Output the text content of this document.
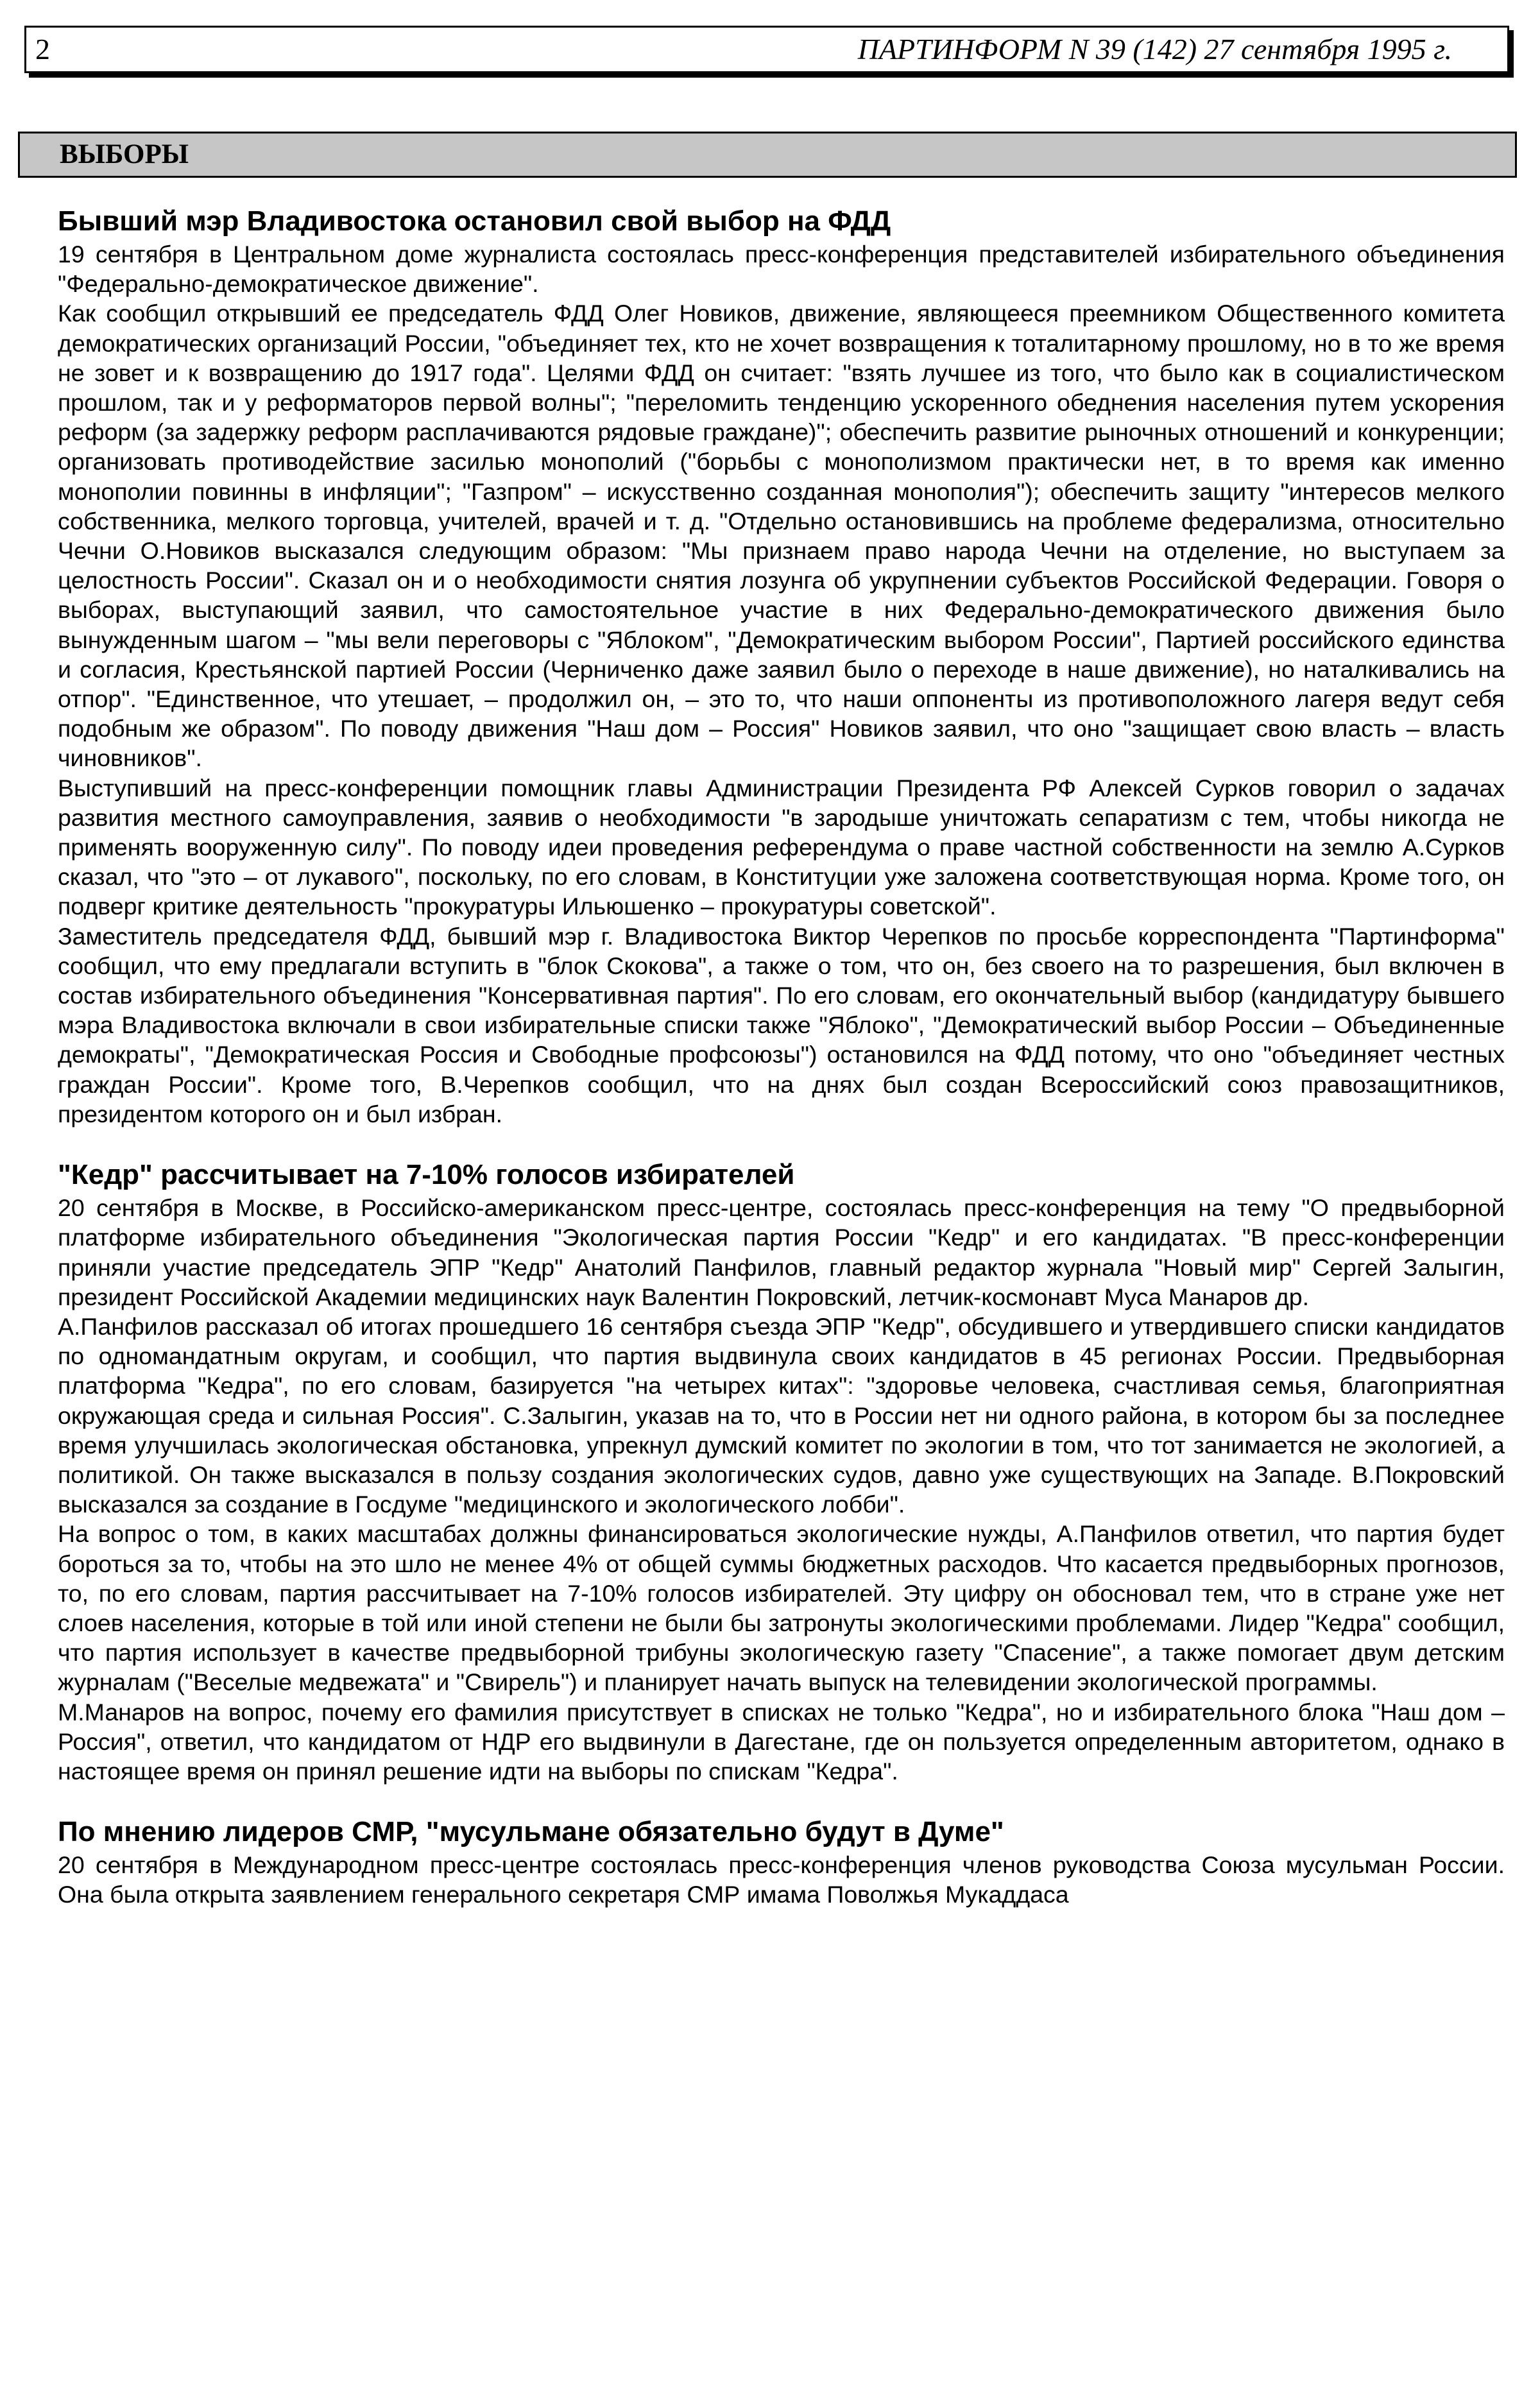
2	ПАРТИНФОРМ N 39 (142) 27 сентября 1995 г.
ВЫБОРЫ
Бывший мэр Владивостока остановил свой выбор на ФДД

19 сентября в Центральном доме журналиста состоялась пресс-конференция представителей избирательного объединения "Федерально-демократическое движение".

Как сообщил открывший ее председатель ФДД Олег Новиков, движение, являющееся преемником Общественного комитета демократических организаций России, "объединяет тех, кто не хочет возвращения к тоталитарному прошлому, но в то же время не зовет и к возвращению до 1917 года". Целями ФДД он считает: "взять лучшее из того, что было как в социалистическом прошлом, так и у реформаторов первой волны"; "переломить тенденцию ускоренного обеднения населения путем ускорения реформ (за задержку реформ расплачиваются рядовые граждане)"; обеспечить развитие рыночных отношений и конкуренции; организовать противодействие засилью монополий ("борьбы с монополизмом практически нет, в то время как именно монополии повинны в инфляции"; "Газпром" – искусственно созданная монополия"); обеспечить защиту "интересов мелкого собственника, мелкого торговца, учителей, врачей и т. д. "Отдельно остановившись на проблеме федерализма, относительно Чечни О.Новиков высказался следующим образом: "Мы признаем право народа Чечни на отделение, но выступаем за целостность России". Сказал он и о необходимости снятия лозунга об укрупнении субъектов Российской Федерации. Говоря о выборах, выступающий заявил, что самостоятельное участие в них Федерально-демократического движения было вынужденным шагом – "мы вели переговоры с "Яблоком", "Демократическим выбором России", Партией российского единства и согласия, Крестьянской партией России (Черниченко даже заявил было о переходе в наше движение), но наталкивались на отпор". "Единственное, что утешает, – продолжил он, – это то, что наши оппоненты из противоположного лагеря ведут себя подобным же образом". По поводу движения "Наш дом – Россия" Новиков заявил, что оно "защищает свою власть – власть чиновников".

Выступивший на пресс-конференции помощник главы Администрации Президента РФ Алексей Сурков говорил о задачах развития местного самоуправления, заявив о необходимости "в зародыше уничтожать сепаратизм с тем, чтобы никогда не применять вооруженную силу". По поводу идеи проведения референдума о праве частной собственности на землю А.Сурков сказал, что "это – от лукавого", поскольку, по его словам, в Конституции уже заложена соответствующая норма. Кроме того, он подверг критике деятельность "прокуратуры Ильюшенко – прокуратуры советской".

Заместитель председателя ФДД, бывший мэр г. Владивостока Виктор Черепков по просьбе корреспондента "Партинформа" сообщил, что ему предлагали вступить в "блок Скокова", а также о том, что он, без своего на то разрешения, был включен в состав избирательного объединения "Консервативная партия". По его словам, его окончательный выбор (кандидатуру бывшего мэра Владивостока включали в свои избирательные списки также "Яблоко", "Демократический выбор России – Объединенные демократы", "Демократическая Россия и Свободные профсоюзы") остановился на ФДД потому, что оно "объединяет честных граждан России". Кроме того, В.Черепков сообщил, что на днях был создан Всероссийский союз правозащитников, президентом которого он и был избран.

"Кедр" рассчитывает на 7-10% голосов избирателей

20 сентября в Москве, в Российско-американском пресс-центре, состоялась пресс-конференция на тему "О предвыборной платформе избирательного объединения "Экологическая партия России "Кедр" и его кандидатах. "В пресс-конференции приняли участие председатель ЭПР "Кедр" Анатолий Панфилов, главный редактор журнала "Новый мир" Сергей Залыгин, президент Российской Академии медицинских наук Валентин Покровский, летчик-космонавт Муса Манаров др.

А.Панфилов рассказал об итогах прошедшего 16 сентября съезда ЭПР "Кедр", обсудившего и утвердившего списки кандидатов по одномандатным округам, и сообщил, что партия выдвинула своих кандидатов в 45 регионах России. Предвыборная платформа "Кедра", по его словам, базируется "на четырех китах": "здоровье человека, счастливая семья, благоприятная окружающая среда и сильная Россия". С.Залыгин, указав на то, что в России нет ни одного района, в котором бы за последнее время улучшилась экологическая обстановка, упрекнул думский комитет по экологии в том, что тот занимается не экологией, а политикой. Он также высказался в пользу создания экологических судов, давно уже существующих на Западе. В.Покровский высказался за создание в Госдуме "медицинского и экологического лобби".

На вопрос о том, в каких масштабах должны финансироваться экологические нужды, А.Панфилов ответил, что партия будет бороться за то, чтобы на это шло не менее 4% от общей суммы бюджетных расходов. Что касается предвыборных прогнозов, то, по его словам, партия рассчитывает на 7-10% голосов избирателей. Эту цифру он обосновал тем, что в стране уже нет слоев населения, которые в той или иной степени не были бы затронуты экологическими проблемами. Лидер "Кедра" сообщил, что партия использует в качестве предвыборной трибуны экологическую газету "Спасение", а также помогает двум детским журналам ("Веселые медвежата" и "Свирель") и планирует начать выпуск на телевидении экологической программы.

М.Манаров на вопрос, почему его фамилия присутствует в списках не только "Кедра", но и избирательного блока "Наш дом – Россия", ответил, что кандидатом от НДР его выдвинули в Дагестане, где он пользуется определенным авторитетом, однако в настоящее время он принял решение идти на выборы по спискам "Кедра".

По мнению лидеров СМР, "мусульмане обязательно будут в Думе"

20 сентября в Международном пресс-центре состоялась пресс-конференция членов руководства Союза мусульман России. Она была открыта заявлением генерального секретаря СМР имама Поволжья Мукаддаса
